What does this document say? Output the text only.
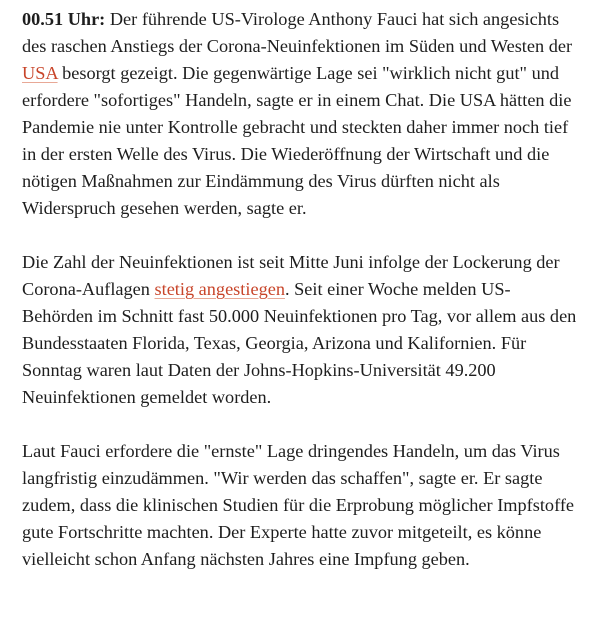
00.51 Uhr: Der führende US-Virologe Anthony Fauci hat sich angesichts des raschen Anstiegs der Corona-Neuinfektionen im Süden und Westen der USA besorgt gezeigt. Die gegenwärtige Lage sei "wirklich nicht gut" und erfordere "sofortiges" Handeln, sagte er in einem Chat. Die USA hätten die Pandemie nie unter Kontrolle gebracht und steckten daher immer noch tief in der ersten Welle des Virus. Die Wiederöffnung der Wirtschaft und die nötigen Maßnahmen zur Eindämmung des Virus dürften nicht als Widerspruch gesehen werden, sagte er.

Die Zahl der Neuinfektionen ist seit Mitte Juni infolge der Lockerung der Corona-Auflagen stetig angestiegen. Seit einer Woche melden US-Behörden im Schnitt fast 50.000 Neuinfektionen pro Tag, vor allem aus den Bundesstaaten Florida, Texas, Georgia, Arizona und Kalifornien. Für Sonntag waren laut Daten der Johns-Hopkins-Universität 49.200 Neuinfektionen gemeldet worden.

Laut Fauci erfordere die "ernste" Lage dringendes Handeln, um das Virus langfristig einzudämmen. "Wir werden das schaffen", sagte er. Er sagte zudem, dass die klinischen Studien für die Erprobung möglicher Impfstoffe gute Fortschritte machten. Der Experte hatte zuvor mitgeteilt, es könne vielleicht schon Anfang nächsten Jahres eine Impfung geben.
